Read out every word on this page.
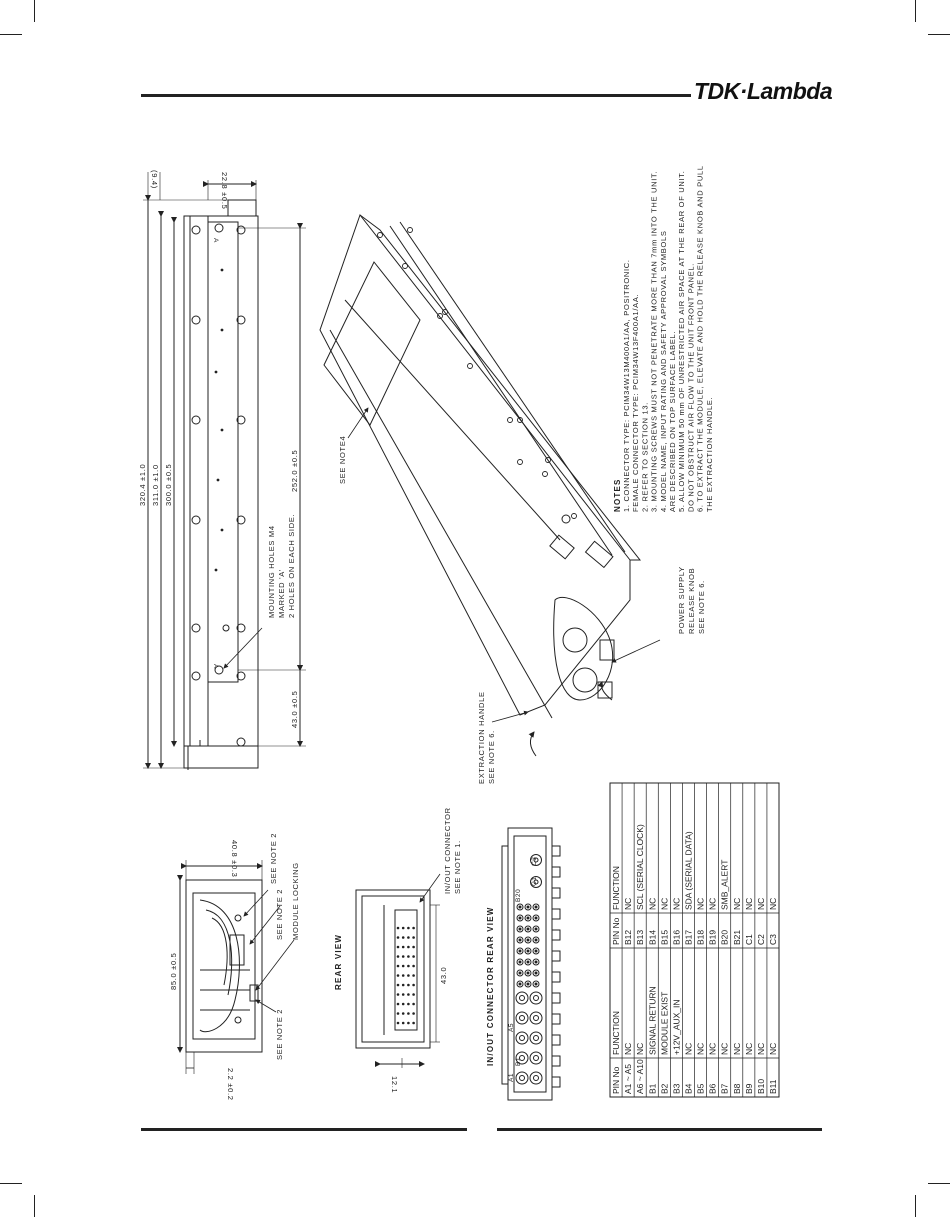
TDK·Lambda
320.4 ±1.0 311.0 ±1.0 300.0 ±0.5	252.0 ±0.5
43.0 ±0.5
22.8 ±0.5
(9.4)
A
A
MOUNTING HOLES M4 MARKED 'A' 2 HOLES ON EACH SIDE.
SEE NOTE4
EXTRACTION HANDLE SEE NOTE 6.
POWER SUPPLY RELEASE KNOB SEE NOTE 6.
NOTES 1. CONNECTOR TYPE: PCIM34W13M400A1/AA, POSITRONIC. FEMALE CONNECTOR TYPE: PCIM34W13F400A1/AA. 2. REFER TO SECTION 13. 3. MOUNTING SCREWS MUST NOT PENETRATE MORE THAN 7mm INTO THE UNIT. 4. MODEL NAME, INPUT RATING AND SAFETY APPROVAL SYMBOLS ARE DESCRIBED ON TOP SURFACE LABEL. 5. ALLOW MINIMUM 50 mm OF UNRESTRICTED AIR SPACE AT THE REAR OF UNIT. DO NOT OBSTRUCT AIR FLOW TO THE UNIT FRONT PANEL. 6. TO EXTRACT THE MODULE, ELEVATE AND HOLD THE RELEASE KNOB AND PULL THE EXTRACTION HANDLE.
85.0 ±0.5
40.8 ±0.3
2.2 ±0.2
SEE NOTE 2
SEE NOTE 2 MODULE LOCKING
SEE NOTE 2
REAR VIEW	43.0
12.1
IN/OUT CONNECTOR SEE NOTE 1.
IN/OUT CONNECTOR REAR VIEW
A1
A5
B1
B20
C1
C3
PIN No
FUNCTION
PIN No
FUNCTION
A1 ~ A5
NC
B12
NC
A6 ~ A10
NC
B13
SCL (SERIAL CLOCK)
B1
SIGNAL RETURN
B14
NC
B2
MODULE EXIST
B15
NC
B3
+12V_AUX_IN
B16
NC
B4
NC
B17
SDA (SERIAL DATA)
B5
NC
B18
NC
B6
NC
B19
NC
B7
NC
B20
SMB_ALERT
B8
NC
B21
NC
B9
NC
C1
NC
B10
NC
C2
NC
B11
NC
C3
NC
